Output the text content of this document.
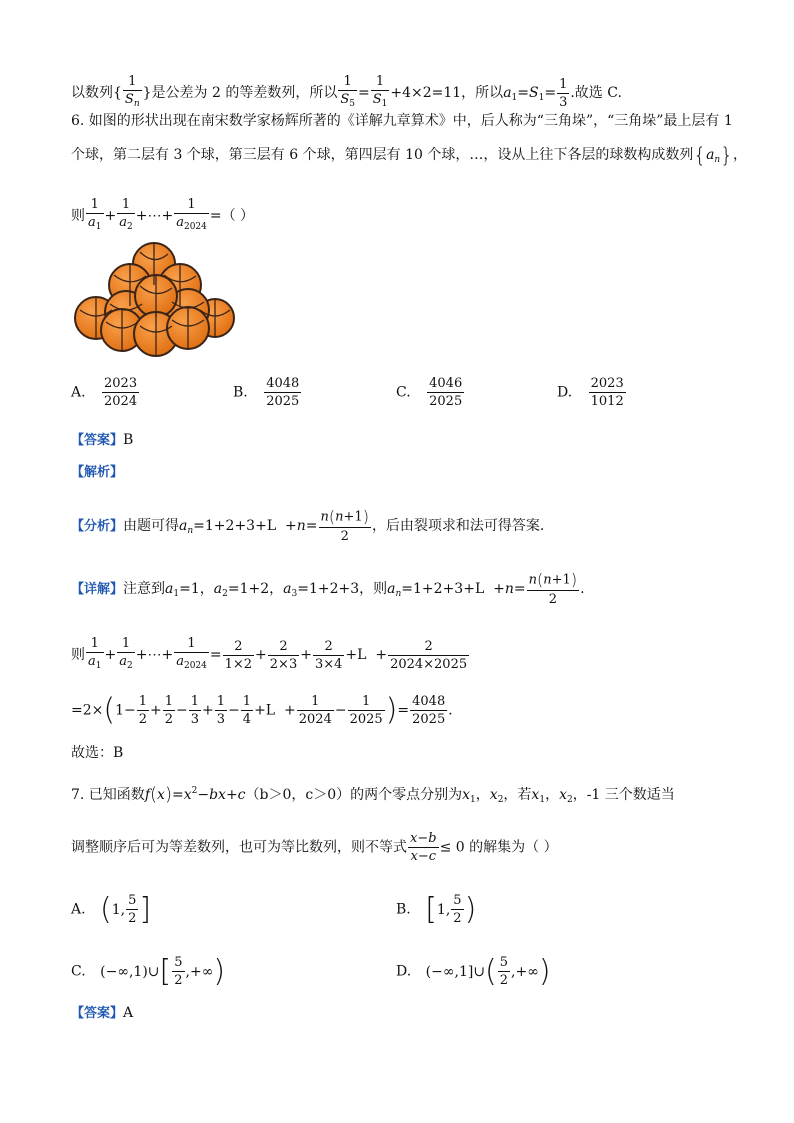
以数列{ $\frac{1}{S_n}$ }是公差为 2 的等差数列，所以 $\frac{1}{S_5} = \frac{1}{S_1} +4\times 2=11$，所以$a_1=S_1= \frac{1}{3}$ .故选 C.
6. 如图的形状出现在南宋数学家杨辉所著的《详解九章算术》中，后人称为“三角垛”，“三角垛”最上层有 1
个球，第二层有 3 个球，第三层有 6 个球，第四层有 10 个球，…，设从上往下各层的球数构成数列$\{a_n\}$，
则 $\frac{1}{a_1} + \frac{1}{a_2}$ +⋯+ $\frac{1}{a_{2024}}$ =（ ）
A. $\frac{2023}{2024}$	B. $\frac{4048}{2025}$	C. $\frac{4046}{2025}$	D. $\frac{2023}{1012}$
【答案】B
【解析】
【分析】由题可得$a_n=1+2+3+L +n= \frac{n(n+1)}{2}$ ，后由裂项求和法可得答案.
【详解】注意到$a_1=1$，$a_2=1+2$，$a_3=1+2+3$，则$a_n=1+2+3+L +n= \frac{n(n+1)}{2}$ .
则 $\frac{1}{a_1} + \frac{1}{a_2}$ +⋯+ $\frac{1}{a_{2024}} = \frac{2}{1\times 2} + \frac{2}{2\times 3} + \frac{2}{3\times 4} +L + \frac{2}{2024\times 2025}$
$=2\times(1- \frac{1}{2} + \frac{1}{2} - \frac{1}{3} + \frac{1}{3} - \frac{1}{4} +L + \frac{1}{2024} - \frac{1}{2025}$ )= $\frac{4048}{2025}$ .
故选：B
7. 已知函数$f(x)=x^2-bx+c(b>0$，c＞0）的两个零点分别为$x_1$，$x_2$，若$x_1$，$x_2$，-1 三个数适当
调整顺序后可为等差数列，也可为等比数列，则不等式 $\frac{x-b}{x-c} \le 0$ 的解集为（ ）
A. (1, $\frac{5}{2}$ ]	B. [1, $\frac{5}{2}$ )
C. (−∞,1)∪[ $\frac{5}{2}$ ,+∞)	D. (−∞,1]∪( $\frac{5}{2}$ ,+∞)
【答案】A
